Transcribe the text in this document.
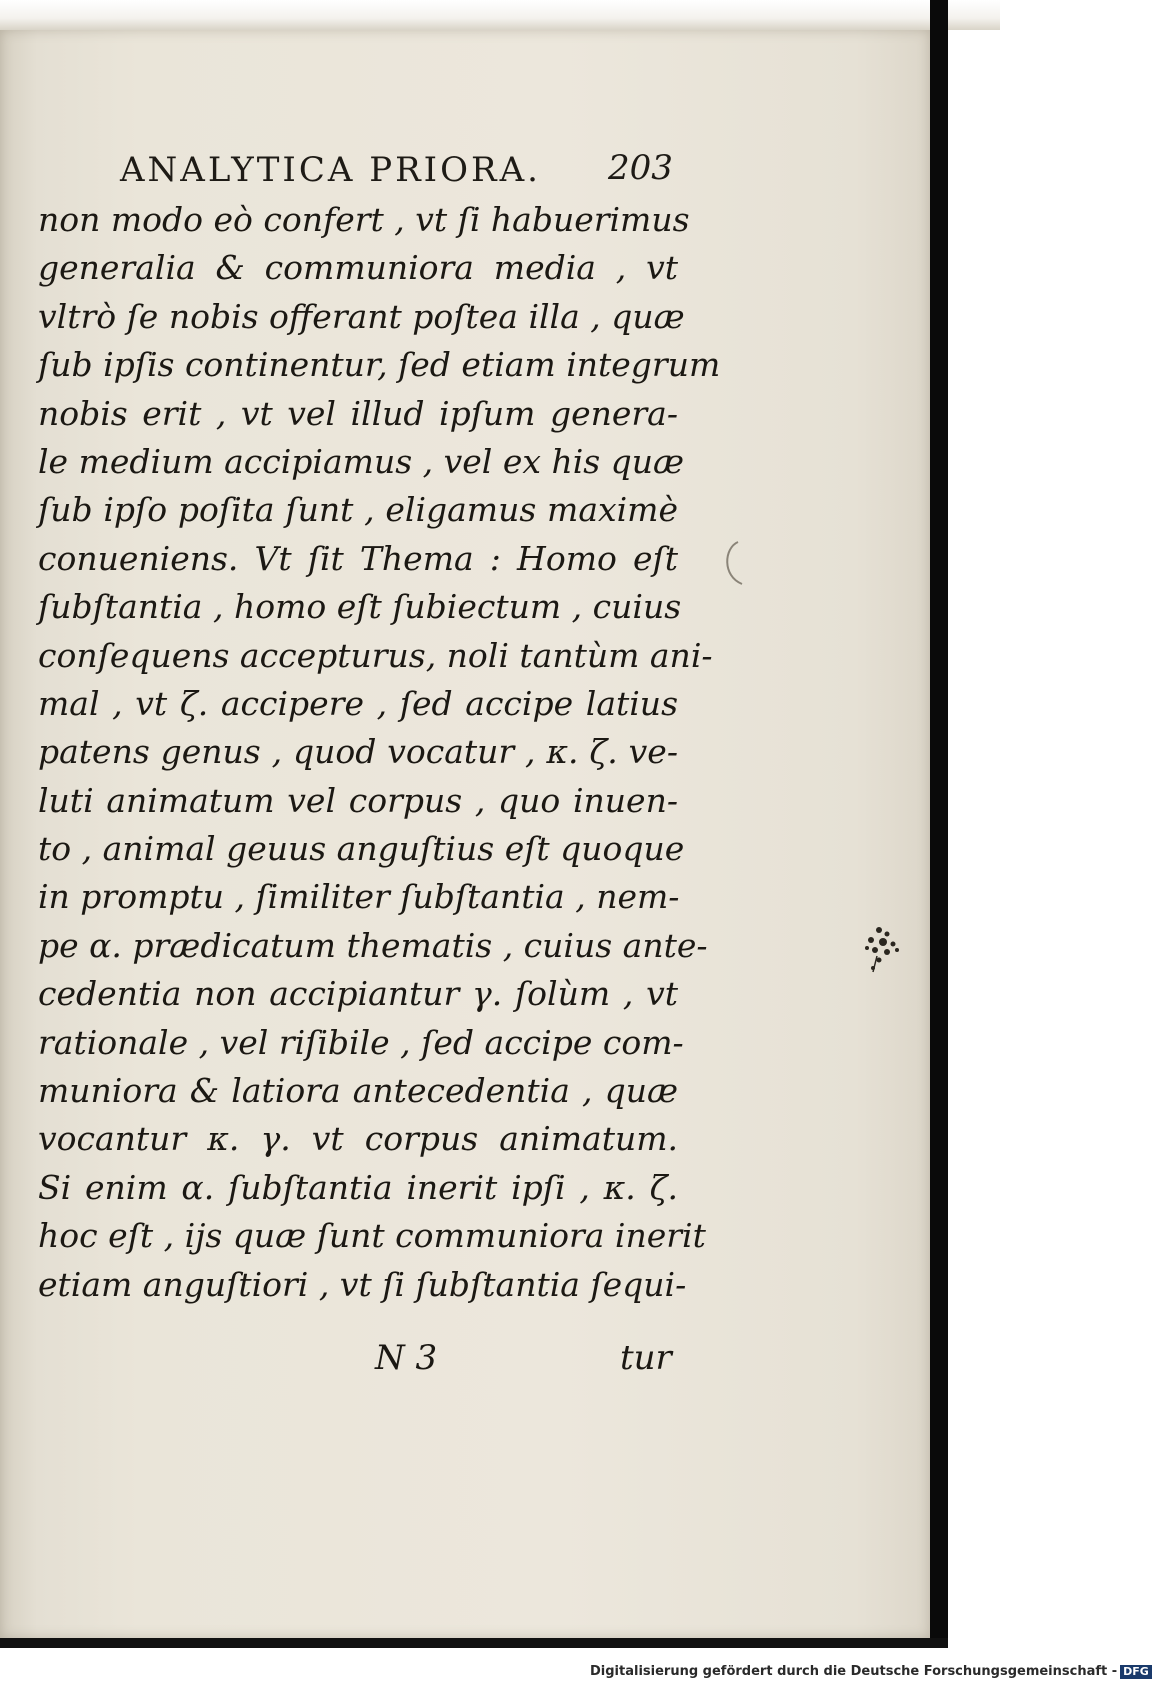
ANALYTICA PRIORA.	203
non modo eò confert , vt ſi habuerimus
generalia & communiora media , vt
vltrò ſe nobis offerant poſtea illa , quæ
ſub ipſis continentur, ſed etiam integrum
nobis erit , vt vel illud ipſum genera-
le medium accipiamus , vel ex his quæ
ſub ipſo poſita ſunt , eligamus maximè
conueniens. Vt ſit Thema : Homo eſt
ſubſtantia , homo eſt ſubiectum , cuius
conſequens accepturus, noli tantùm ani-
mal , vt ζ. accipere , ſed accipe latius
patens genus , quod vocatur , κ. ζ. ve-
luti animatum vel corpus , quo inuen-
to , animal geuus anguſtius eſt quoque
in promptu , ſimiliter ſubſtantia , nem-
pe α. prædicatum thematis , cuius ante-
cedentia non accipiantur γ. ſolùm , vt
rationale , vel riſibile , ſed accipe com-
muniora & latiora antecedentia , quæ
vocantur κ. γ. vt corpus animatum.
Si enim α. ſubſtantia inerit ipſi , κ. ζ.
hoc eſt , ijs quæ ſunt communiora inerit
etiam anguſtiori , vt ſi ſubſtantia ſequi-
N 3	tur
Digitalisierung gefördert durch die Deutsche Forschungsgemeinschaft - DFG
